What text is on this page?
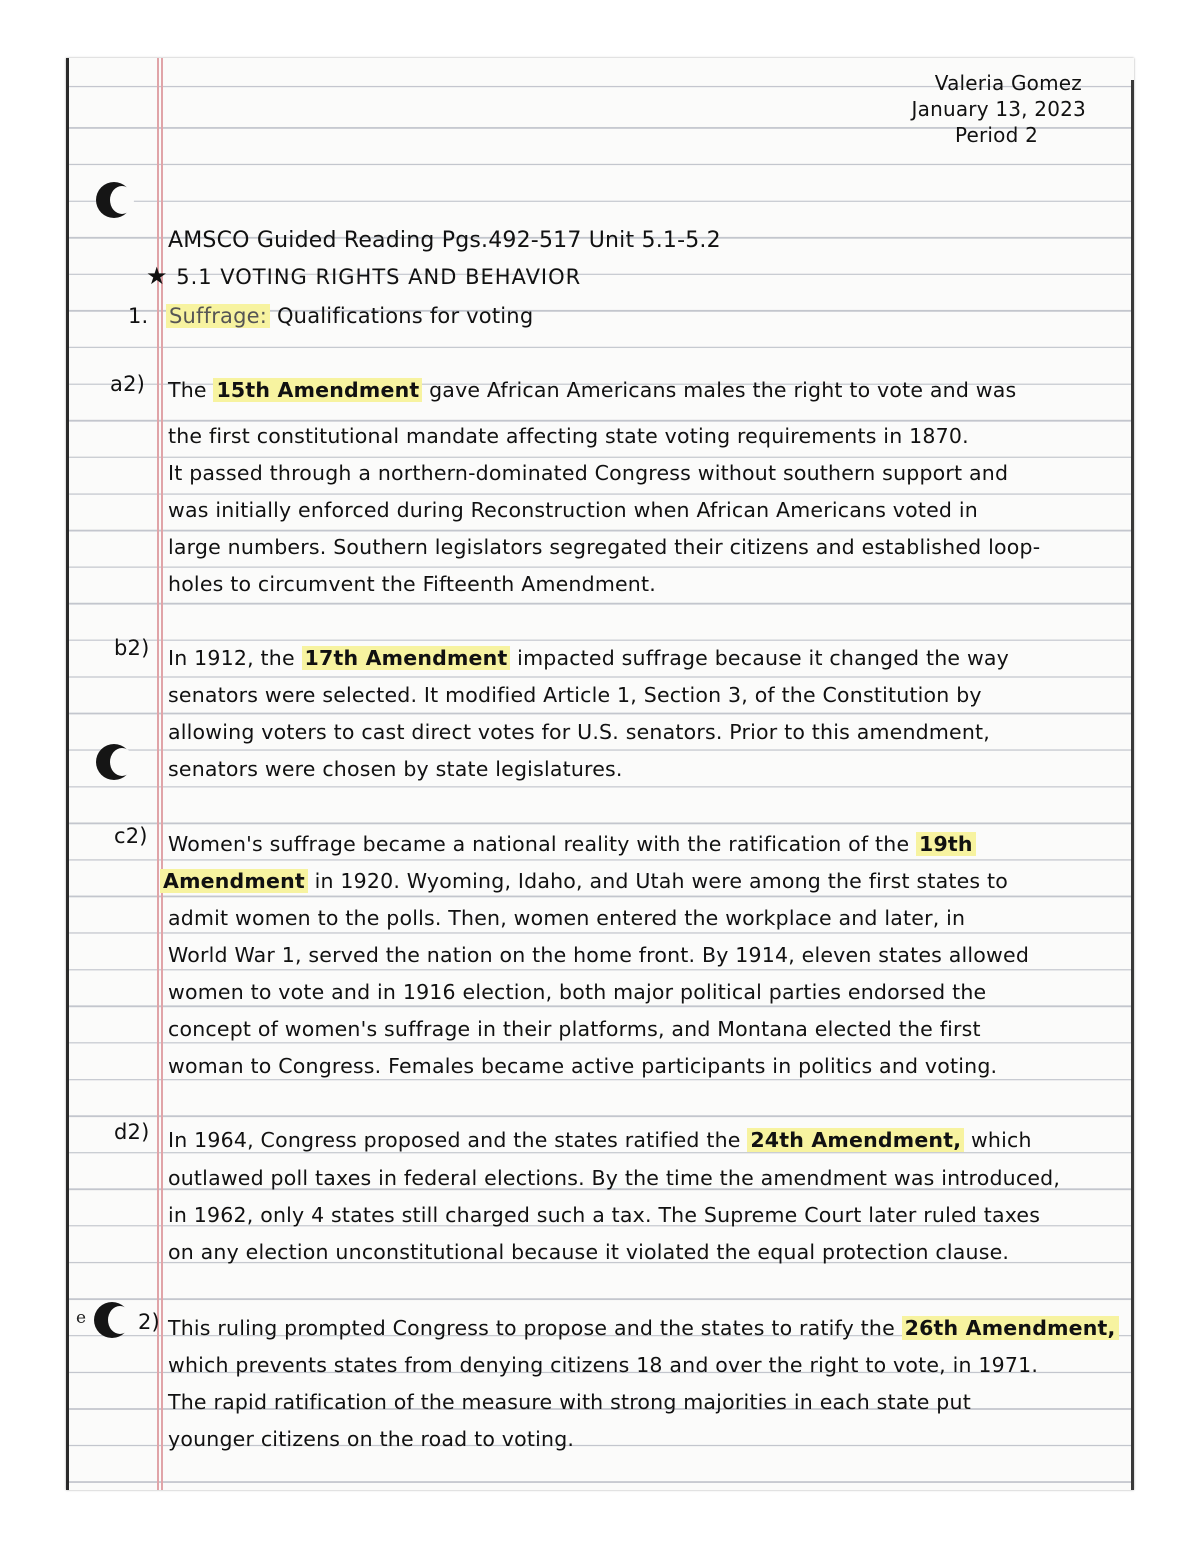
e
Valeria Gomez
January 13, 2023
Period 2
AMSCO Guided Reading Pgs.492-517 Unit 5.1-5.2
★ 5.1 VOTING RIGHTS AND BEHAVIOR
1. Suffrage: Qualifications for voting
a2) The 15th Amendment gave African Americans males the right to vote and was
the first constitutional mandate affecting state voting requirements in 1870.
It passed through a northern-dominated Congress without southern support and
was initially enforced during Reconstruction when African Americans voted in
large numbers. Southern legislators segregated their citizens and established loop-
holes to circumvent the Fifteenth Amendment.
b2) In 1912, the 17th Amendment impacted suffrage because it changed the way
senators were selected. It modified Article 1, Section 3, of the Constitution by
allowing voters to cast direct votes for U.S. senators. Prior to this amendment,
senators were chosen by state legislatures.
c2) Women's suffrage became a national reality with the ratification of the 19th
Amendment in 1920. Wyoming, Idaho, and Utah were among the first states to
admit women to the polls. Then, women entered the workplace and later, in
World War 1, served the nation on the home front. By 1914, eleven states allowed
women to vote and in 1916 election, both major political parties endorsed the
concept of women's suffrage in their platforms, and Montana elected the first
woman to Congress. Females became active participants in politics and voting.
d2) In 1964, Congress proposed and the states ratified the 24th Amendment, which
outlawed poll taxes in federal elections. By the time the amendment was introduced,
in 1962, only 4 states still charged such a tax. The Supreme Court later ruled taxes
on any election unconstitutional because it violated the equal protection clause.
2) This ruling prompted Congress to propose and the states to ratify the 26th Amendment,
which prevents states from denying citizens 18 and over the right to vote, in 1971.
The rapid ratification of the measure with strong majorities in each state put
younger citizens on the road to voting.
